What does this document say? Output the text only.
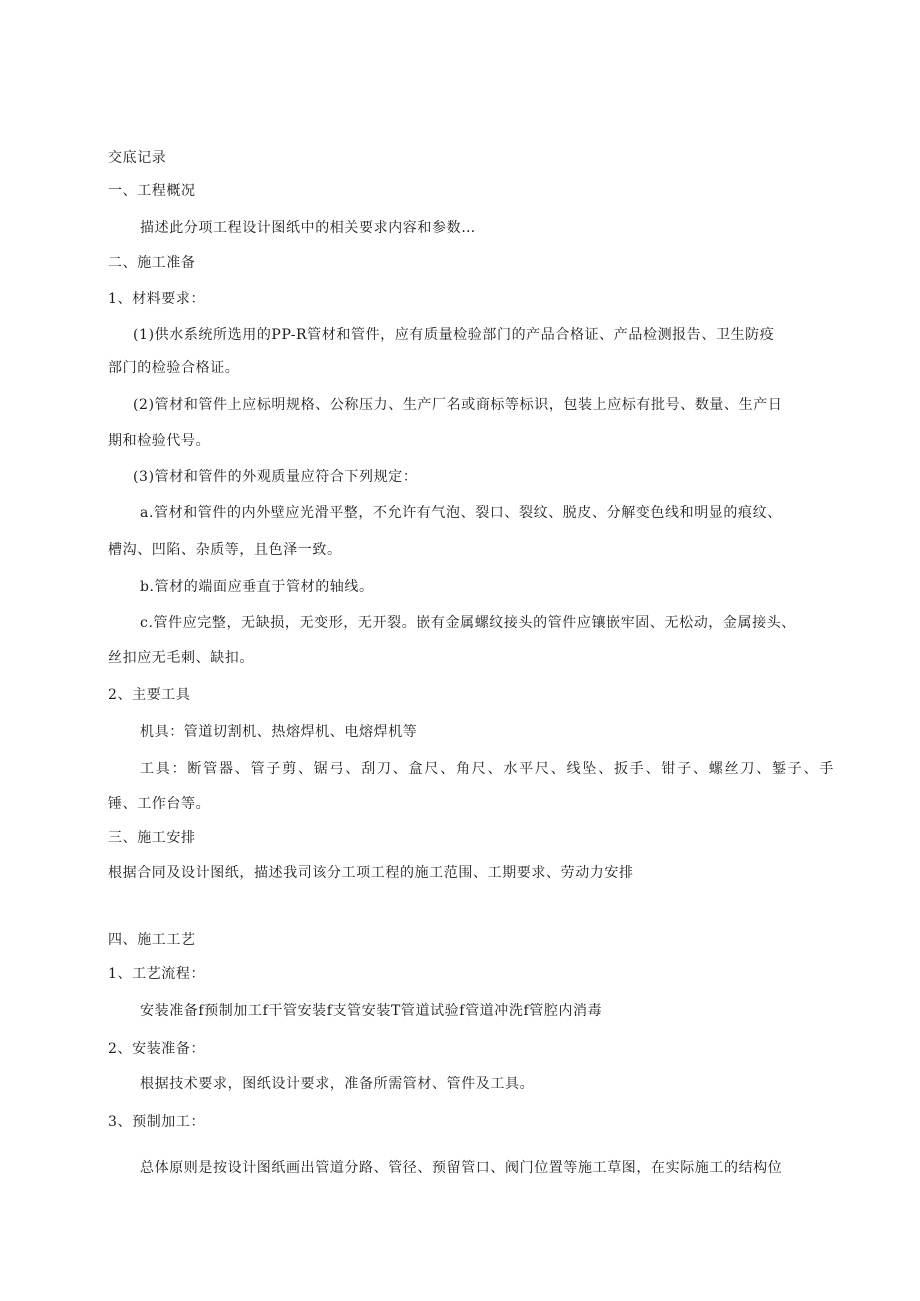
交底记录

一、工程概况

描述此分项工程设计图纸中的相关要求内容和参数…

二、施工准备

1、材料要求：

(1)供水系统所选用的PP-R管材和管件，应有质量检验部门的产品合格证、产品检测报告、卫生防疫

部门的检验合格证。

(2)管材和管件上应标明规格、公称压力、生产厂名或商标等标识，包装上应标有批号、数量、生产日

期和检验代号。

(3)管材和管件的外观质量应符合下列规定：

a.管材和管件的内外壁应光滑平整，不允许有气泡、裂口、裂纹、脱皮、分解变色线和明显的痕纹、

槽沟、凹陷、杂质等，且色泽一致。

b.管材的端面应垂直于管材的轴线。

c.管件应完整，无缺损，无变形，无开裂。嵌有金属螺纹接头的管件应镶嵌牢固、无松动，金属接头、

丝扣应无毛刺、缺扣。

2、主要工具

机具：管道切割机、热熔焊机、电熔焊机等

工具：断管器、管子剪、锯弓、刮刀、盒尺、角尺、水平尺、线坠、扳手、钳子、螺丝刀、錾子、手

锤、工作台等。

三、施工安排

根据合同及设计图纸，描述我司该分工项工程的施工范围、工期要求、劳动力安排

四、施工工艺

1、工艺流程：

安装准备f预制加工f干管安装f支管安装T管道试验f管道冲洗f管腔内消毒

2、安装准备：

根据技术要求，图纸设计要求，准备所需管材、管件及工具。

3、预制加工：

总体原则是按设计图纸画出管道分路、管径、预留管口、阀门位置等施工草图，在实际施工的结构位
